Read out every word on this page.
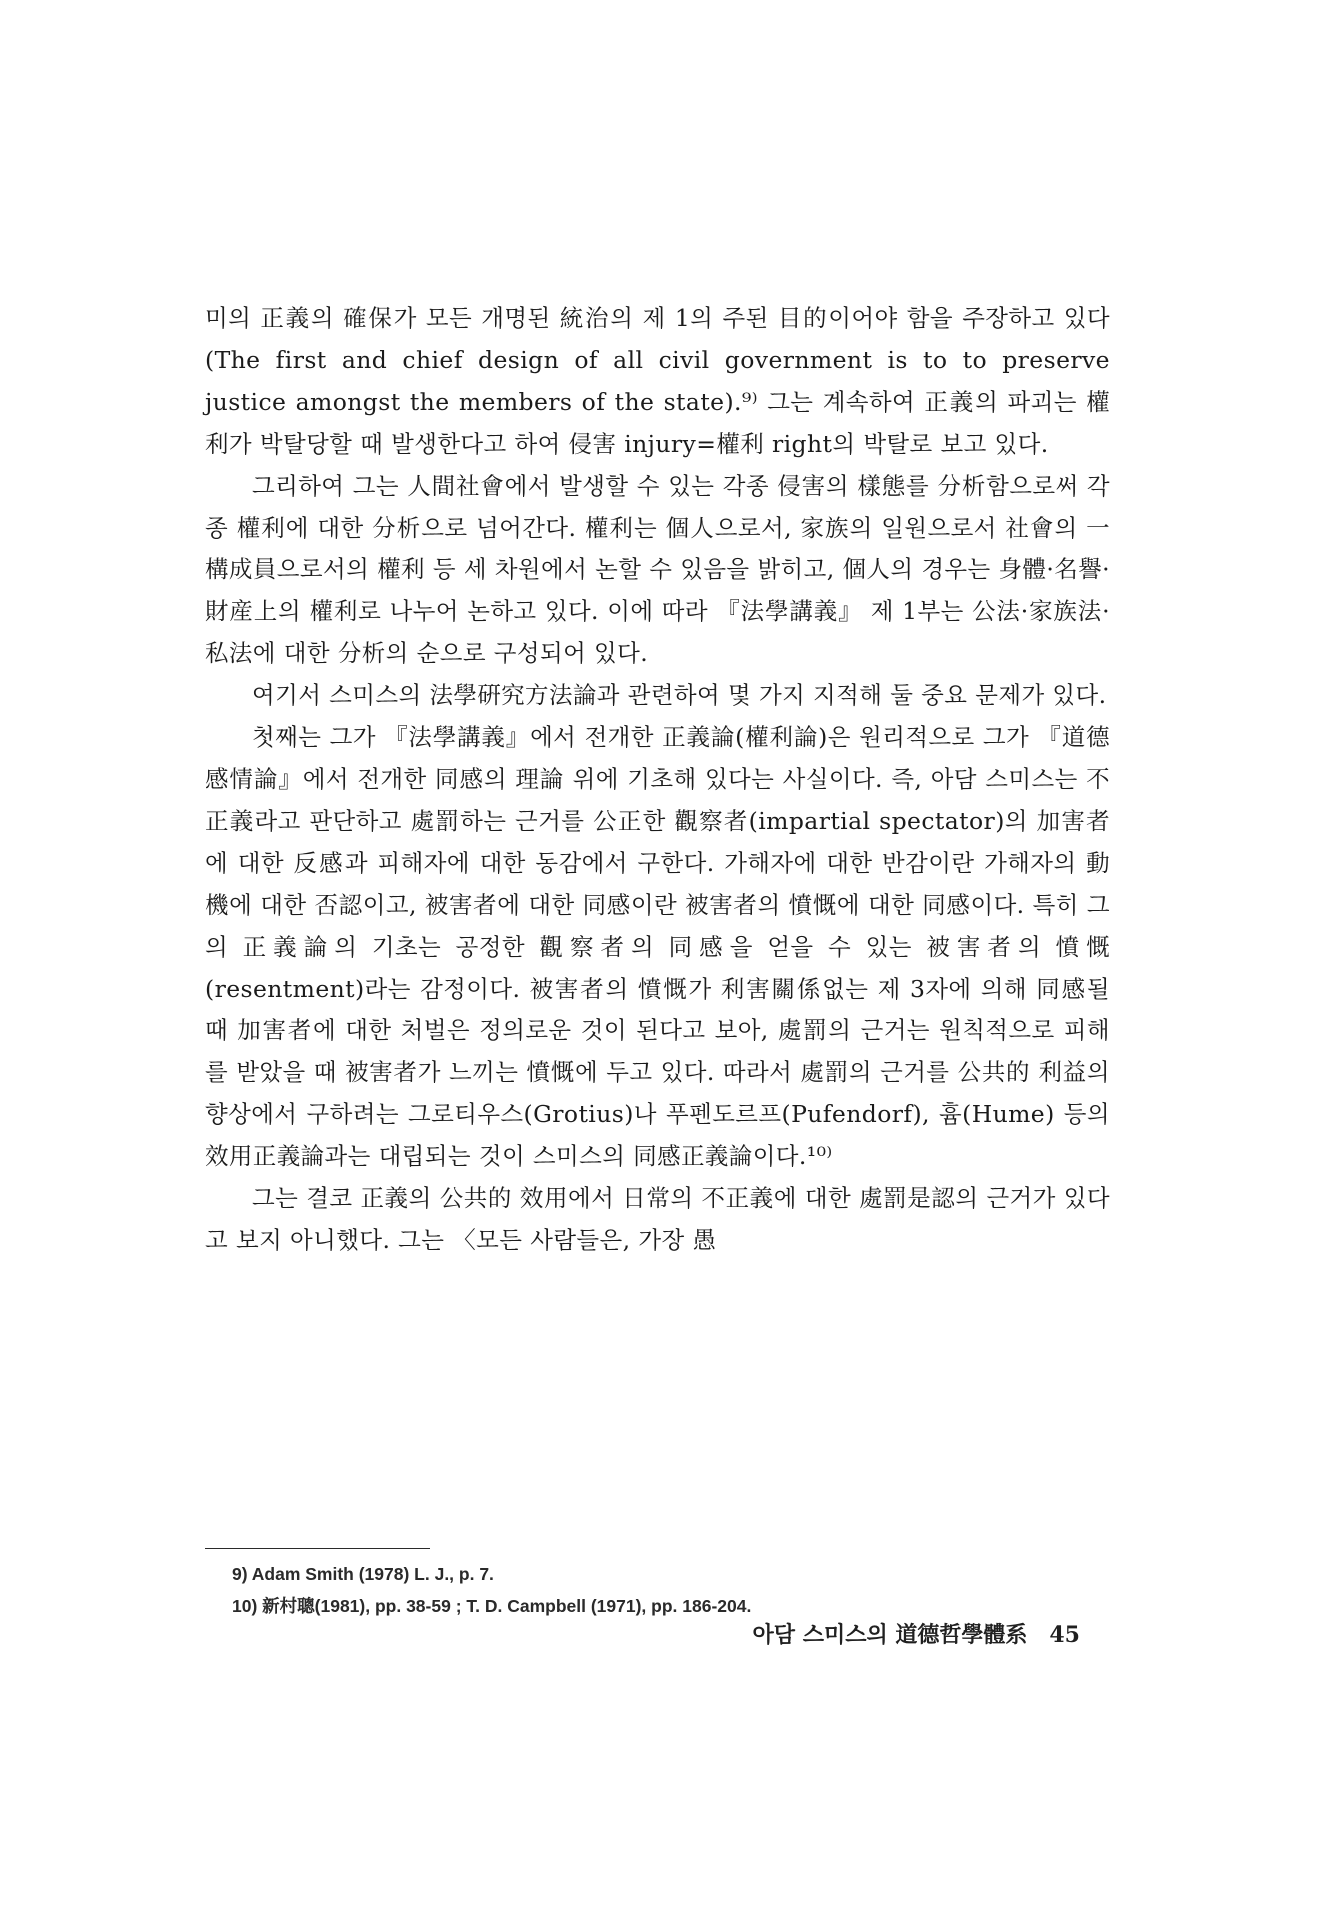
미의 正義의 確保가 모든 개명된 統治의 제 1의 주된 目的이어야 함을 주장하고 있다(The first and chief design of all civil government is to to preserve justice amongst the members of the state).⁹⁾ 그는 계속하여 正義의 파괴는 權利가 박탈당할 때 발생한다고 하여 侵害 injury=權利 right의 박탈로 보고 있다.

그리하여 그는 人間社會에서 발생할 수 있는 각종 侵害의 樣態를 分析함으로써 각종 權利에 대한 分析으로 넘어간다. 權利는 個人으로서, 家族의 일원으로서 社會의 一構成員으로서의 權利 등 세 차원에서 논할 수 있음을 밝히고, 個人의 경우는 身體·名譽·財産上의 權利로 나누어 논하고 있다. 이에 따라 『法學講義』 제 1부는 公法·家族法·私法에 대한 分析의 순으로 구성되어 있다.

여기서 스미스의 法學硏究方法論과 관련하여 몇 가지 지적해 둘 중요 문제가 있다.

첫째는 그가 『法學講義』에서 전개한 正義論(權利論)은 원리적으로 그가 『道德感情論』에서 전개한 同感의 理論 위에 기초해 있다는 사실이다. 즉, 아담 스미스는 不正義라고 판단하고 處罰하는 근거를 公正한 觀察者(impartial spectator)의 加害者에 대한 反感과 피해자에 대한 동감에서 구한다. 가해자에 대한 반감이란 가해자의 動機에 대한 否認이고, 被害者에 대한 同感이란 被害者의 憤慨에 대한 同感이다. 특히 그의 正義論의 기초는 공정한 觀察者의 同感을 얻을 수 있는 被害者의 憤慨(resentment)라는 감정이다. 被害者의 憤慨가 利害關係없는 제 3자에 의해 同感될 때 加害者에 대한 처벌은 정의로운 것이 된다고 보아, 處罰의 근거는 원칙적으로 피해를 받았을 때 被害者가 느끼는 憤慨에 두고 있다. 따라서 處罰의 근거를 公共的 利益의 향상에서 구하려는 그로티우스(Grotius)나 푸펜도르프(Pufendorf), 흄(Hume) 등의 效用正義論과는 대립되는 것이 스미스의 同感正義論이다.¹⁰⁾

그는 결코 正義의 公共的 效用에서 日常의 不正義에 대한 處罰是認의 근거가 있다고 보지 아니했다. 그는 〈모든 사람들은, 가장 愚

9) Adam Smith (1978) L. J., p. 7.

10) 新村聰(1981), pp. 38-59 ; T. D. Campbell (1971), pp. 186-204.

아담 스미스의 道德哲學體系 45
